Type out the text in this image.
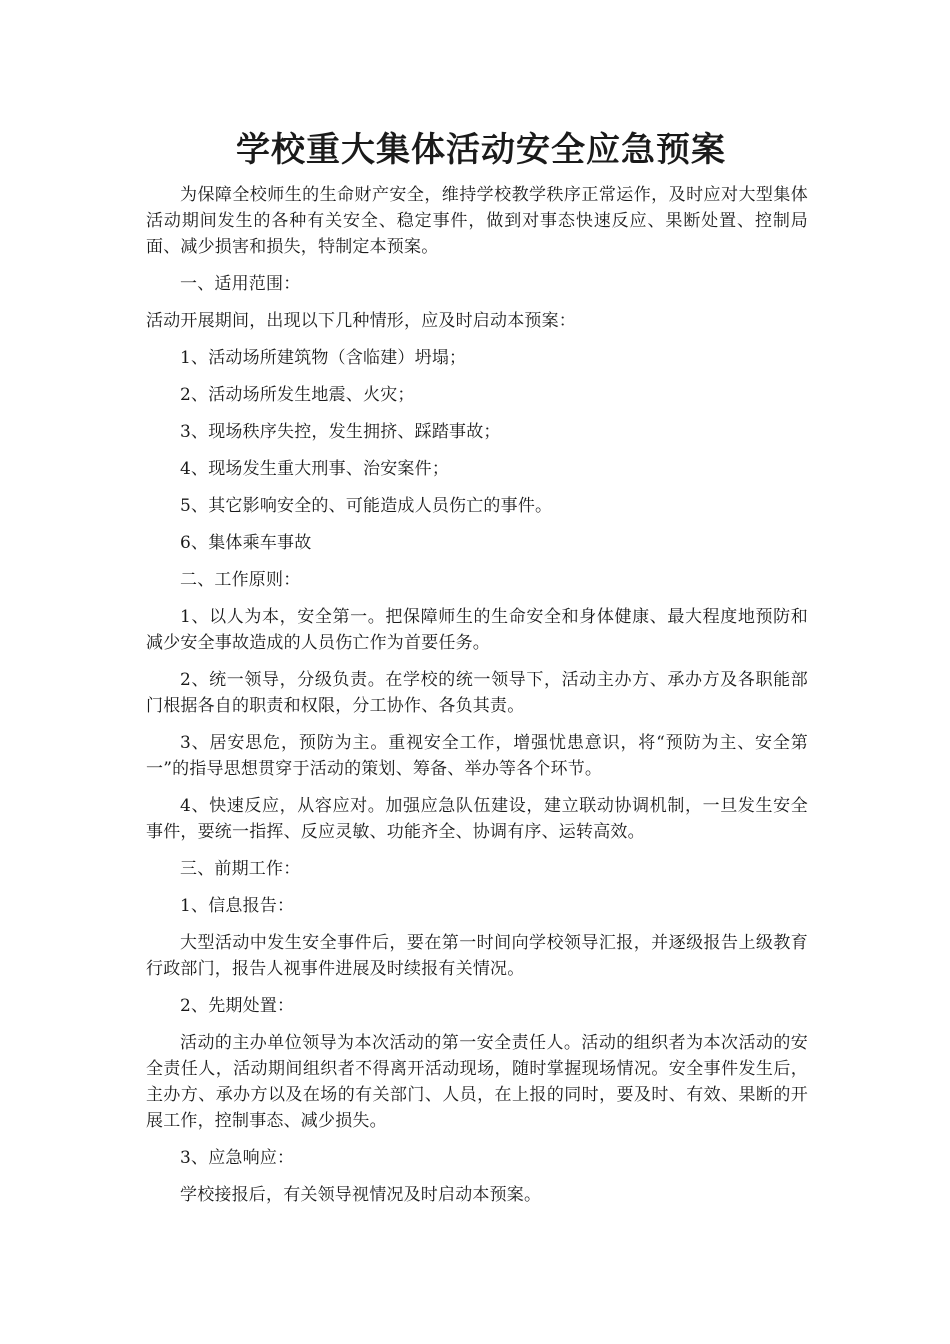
学校重大集体活动安全应急预案

为保障全校师生的生命财产安全，维持学校教学秩序正常运作，及时应对大型集体活动期间发生的各种有关安全、稳定事件，做到对事态快速反应、果断处置、控制局面、减少损害和损失，特制定本预案。

一、适用范围：

活动开展期间，出现以下几种情形，应及时启动本预案：

1、活动场所建筑物（含临建）坍塌；

2、活动场所发生地震、火灾；

3、现场秩序失控，发生拥挤、踩踏事故；

4、现场发生重大刑事、治安案件；

5、其它影响安全的、可能造成人员伤亡的事件。

6、集体乘车事故

二、工作原则：

1、以人为本，安全第一。把保障师生的生命安全和身体健康、最大程度地预防和减少安全事故造成的人员伤亡作为首要任务。

2、统一领导，分级负责。在学校的统一领导下，活动主办方、承办方及各职能部门根据各自的职责和权限，分工协作、各负其责。

3、居安思危，预防为主。重视安全工作，增强忧患意识，将“预防为主、安全第一”的指导思想贯穿于活动的策划、筹备、举办等各个环节。

4、快速反应，从容应对。加强应急队伍建设，建立联动协调机制，一旦发生安全事件，要统一指挥、反应灵敏、功能齐全、协调有序、运转高效。

三、前期工作：

1、信息报告：

大型活动中发生安全事件后，要在第一时间向学校领导汇报，并逐级报告上级教育行政部门，报告人视事件进展及时续报有关情况。

2、先期处置：

活动的主办单位领导为本次活动的第一安全责任人。活动的组织者为本次活动的安全责任人，活动期间组织者不得离开活动现场，随时掌握现场情况。安全事件发生后，主办方、承办方以及在场的有关部门、人员，在上报的同时，要及时、有效、果断的开展工作，控制事态、减少损失。

3、应急响应：

学校接报后，有关领导视情况及时启动本预案。
